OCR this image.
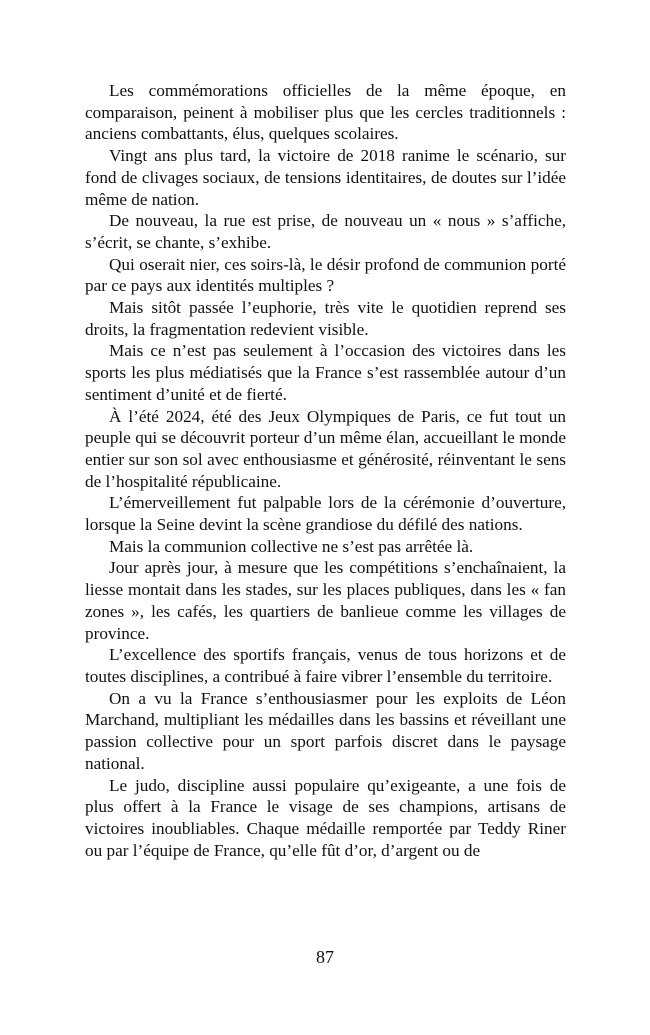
Les commémorations officielles de la même époque, en comparaison, peinent à mobiliser plus que les cercles traditionnels : anciens combattants, élus, quelques scolaires.

Vingt ans plus tard, la victoire de 2018 ranime le scénario, sur fond de clivages sociaux, de tensions identitaires, de doutes sur l’idée même de nation.

De nouveau, la rue est prise, de nouveau un « nous » s’affiche, s’écrit, se chante, s’exhibe.

Qui oserait nier, ces soirs-là, le désir profond de communion porté par ce pays aux identités multiples ?

Mais sitôt passée l’euphorie, très vite le quotidien reprend ses droits, la fragmentation redevient visible.

Mais ce n’est pas seulement à l’occasion des victoires dans les sports les plus médiatisés que la France s’est rassemblée autour d’un sentiment d’unité et de fierté.

À l’été 2024, été des Jeux Olympiques de Paris, ce fut tout un peuple qui se découvrit porteur d’un même élan, accueillant le monde entier sur son sol avec enthousiasme et générosité, réinventant le sens de l’hospitalité républicaine.

L’émerveillement fut palpable lors de la cérémonie d’ouverture, lorsque la Seine devint la scène grandiose du défilé des nations.

Mais la communion collective ne s’est pas arrêtée là.

Jour après jour, à mesure que les compétitions s’enchaînaient, la liesse montait dans les stades, sur les places publiques, dans les « fan zones », les cafés, les quartiers de banlieue comme les villages de province.

L’excellence des sportifs français, venus de tous horizons et de toutes disciplines, a contribué à faire vibrer l’ensemble du territoire.

On a vu la France s’enthousiasmer pour les exploits de Léon Marchand, multipliant les médailles dans les bassins et réveillant une passion collective pour un sport parfois discret dans le paysage national.

Le judo, discipline aussi populaire qu’exigeante, a une fois de plus offert à la France le visage de ses champions, artisans de victoires inoubliables. Chaque médaille remportée par Teddy Riner ou par l’équipe de France, qu’elle fût d’or, d’argent ou de

87
